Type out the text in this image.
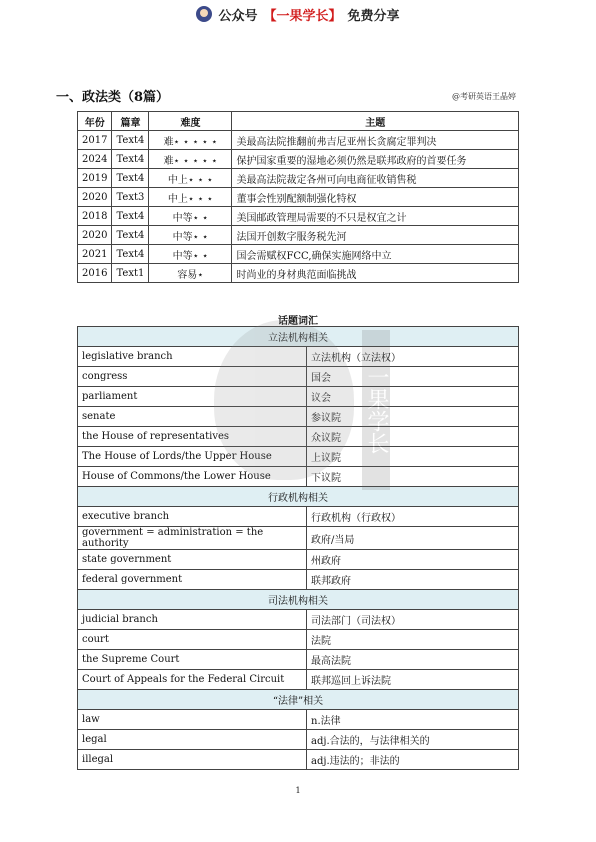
公众号 【一果学长】 免费分享
一、政法类（8篇）	@考研英语王晶婷
年份	篇章	难度	主题
2017	Text4	难⋆ ⋆ ⋆ ⋆ ⋆	美最高法院推翻前弗吉尼亚州长贪腐定罪判决
2024	Text4	难⋆ ⋆ ⋆ ⋆ ⋆	保护国家重要的湿地必须仍然是联邦政府的首要任务
2019	Text4	中上⋆ ⋆ ⋆	美最高法院裁定各州可向电商征收销售税
2020	Text3	中上⋆ ⋆ ⋆	董事会性别配额制强化特权
2018	Text4	中等⋆ ⋆	美国邮政管理局需要的不只是权宜之计
2020	Text4	中等⋆ ⋆	法国开创数字服务税先河
2021	Text4	中等⋆ ⋆	国会需赋权FCC,确保实施网络中立
2016	Text1	容易⋆	时尚业的身材典范面临挑战
话题词汇
立法机构相关	
legislative branch	立法机构（立法权）
congress	国会
parliament	议会
senate	参议院
the House of representatives	众议院
The House of Lords/the Upper House	上议院
House of Commons/the Lower House	下议院
行政机构相关	
executive branch	行政机构（行政权）
government = administration = the authority	政府/当局
state government	州政府
federal government	联邦政府
司法机构相关	
judicial branch	司法部门（司法权）
court	法院
the Supreme Court	最高法院
Court of Appeals for the Federal Circuit	联邦巡回上诉法院
“法律”相关	
law	n.法律
legal	adj.合法的，与法律相关的
illegal	adj.违法的；非法的
一果学长
1
